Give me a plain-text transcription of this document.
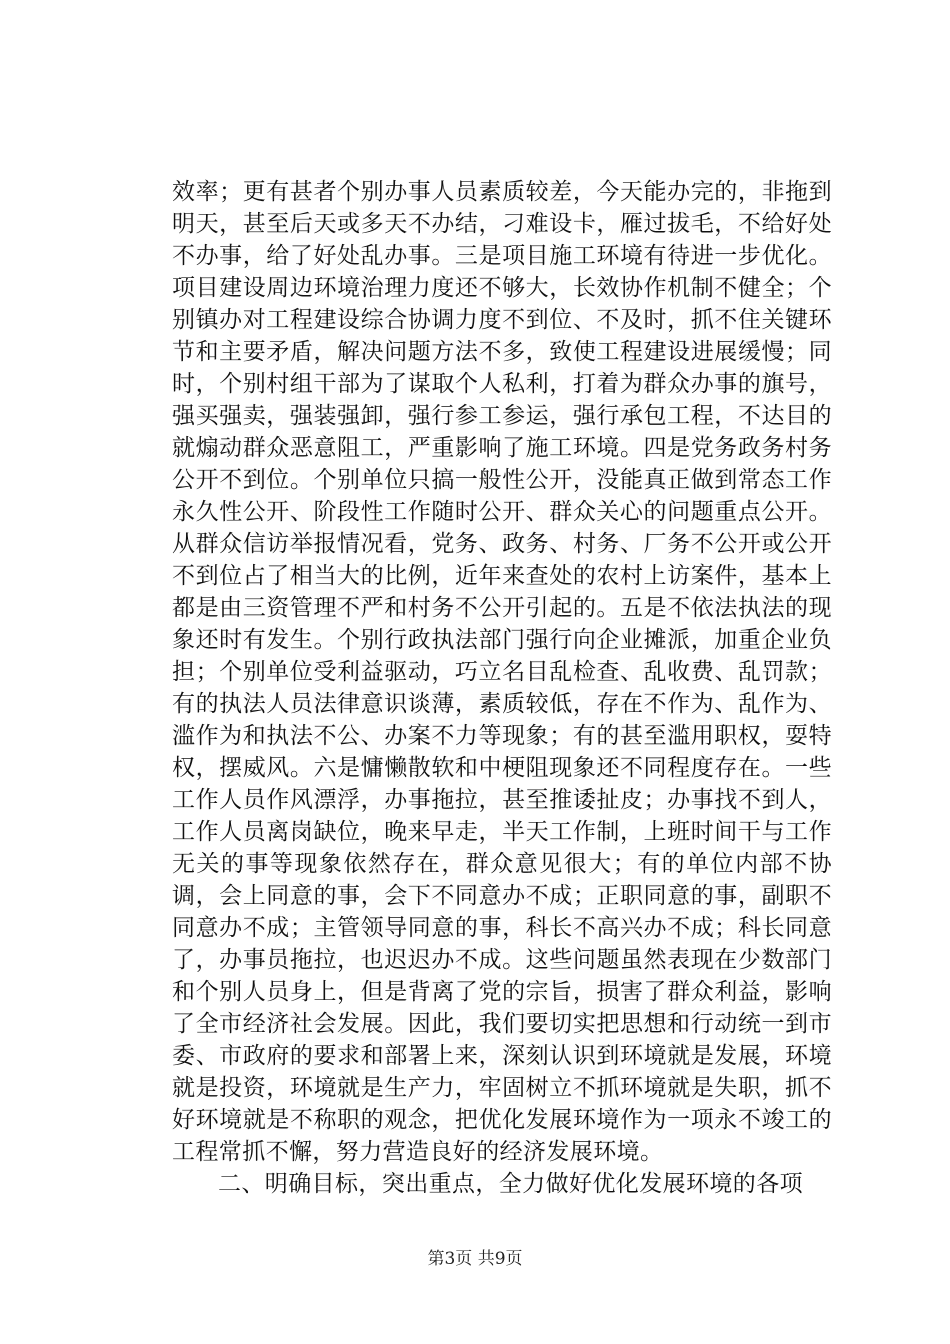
效率；更有甚者个别办事人员素质较差，今天能办完的，非拖到明天，甚至后天或多天不办结，刁难设卡，雁过拔毛，不给好处不办事，给了好处乱办事。三是项目施工环境有待进一步优化。项目建设周边环境治理力度还不够大，长效协作机制不健全；个别镇办对工程建设综合协调力度不到位、不及时，抓不住关键环节和主要矛盾，解决问题方法不多，致使工程建设进展缓慢；同时，个别村组干部为了谋取个人私利，打着为群众办事的旗号，强买强卖，强装强卸，强行参工参运，强行承包工程，不达目的就煽动群众恶意阻工，严重影响了施工环境。四是党务政务村务公开不到位。个别单位只搞一般性公开，没能真正做到常态工作永久性公开、阶段性工作随时公开、群众关心的问题重点公开。从群众信访举报情况看，党务、政务、村务、厂务不公开或公开不到位占了相当大的比例，近年来查处的农村上访案件，基本上都是由三资管理不严和村务不公开引起的。五是不依法执法的现象还时有发生。个别行政执法部门强行向企业摊派，加重企业负担；个别单位受利益驱动，巧立名目乱检查、乱收费、乱罚款；有的执法人员法律意识谈薄，素质较低，存在不作为、乱作为、滥作为和执法不公、办案不力等现象；有的甚至滥用职权，耍特权，摆威风。六是慵懒散软和中梗阻现象还不同程度存在。一些工作人员作风漂浮，办事拖拉，甚至推诿扯皮；办事找不到人，工作人员离岗缺位，晚来早走，半天工作制，上班时间干与工作无关的事等现象依然存在，群众意见很大；有的单位内部不协调，会上同意的事，会下不同意办不成；正职同意的事，副职不同意办不成；主管领导同意的事，科长不高兴办不成；科长同意了，办事员拖拉，也迟迟办不成。这些问题虽然表现在少数部门和个别人员身上，但是背离了党的宗旨，损害了群众利益，影响了全市经济社会发展。因此，我们要切实把思想和行动统一到市委、市政府的要求和部署上来，深刻认识到环境就是发展，环境就是投资，环境就是生产力，牢固树立不抓环境就是失职，抓不好环境就是不称职的观念，把优化发展环境作为一项永不竣工的工程常抓不懈，努力营造良好的经济发展环境。

二、明确目标，突出重点，全力做好优化发展环境的各项

第3页 共9页
